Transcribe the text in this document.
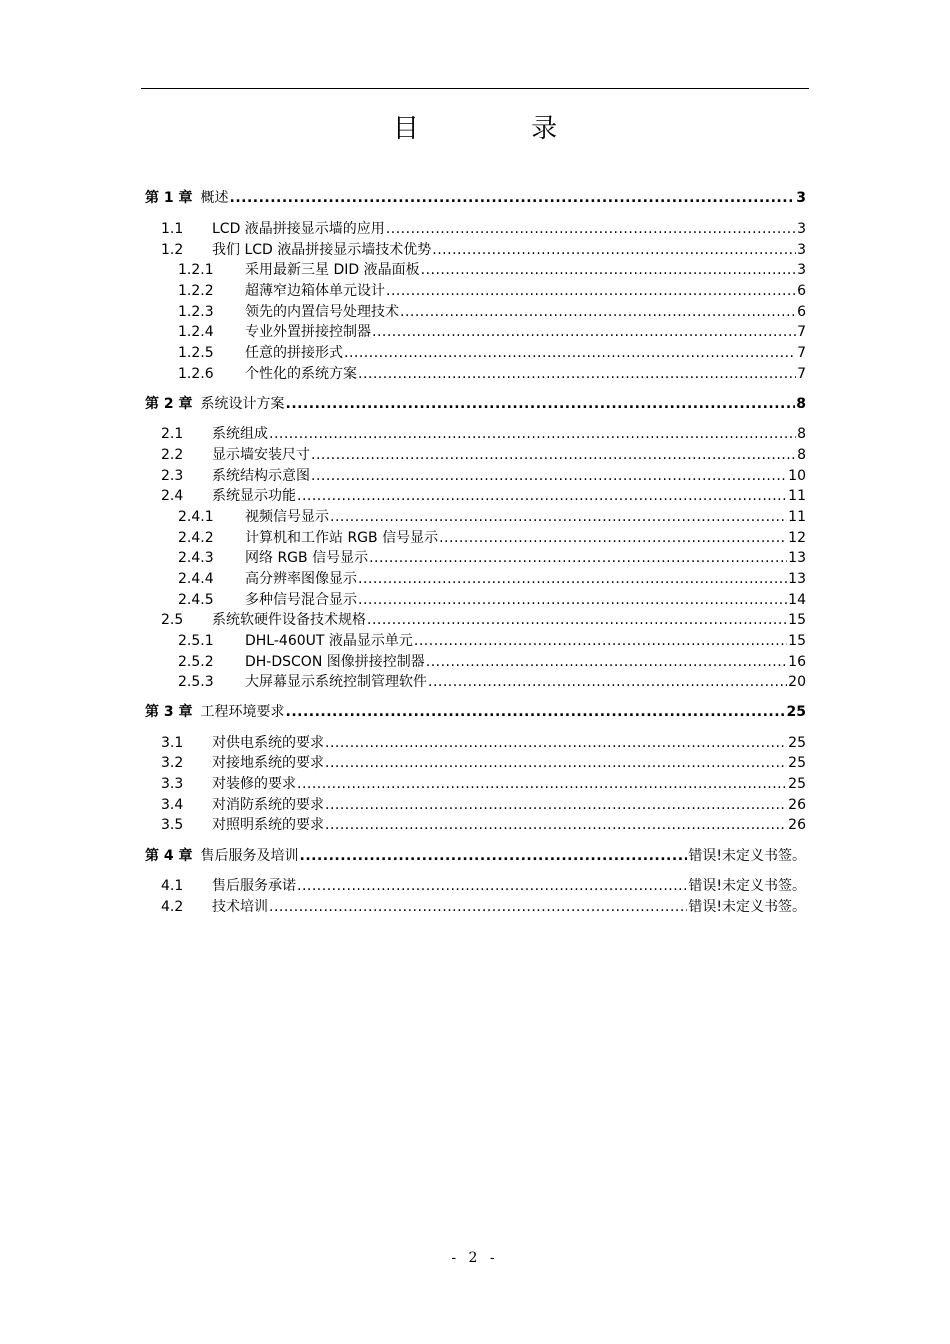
目 录
第 1 章 概述 .....	3
1.1	LCD 液晶拼接显示墙的应用 .....	3
1.2	我们 LCD 液晶拼接显示墙技术优势 .....	3
1.2.1	采用最新三星 DID 液晶面板 .....	3
1.2.2	超薄窄边箱体单元设计 .....	6
1.2.3	领先的内置信号处理技术 .....	6
1.2.4	专业外置拼接控制器 .....	7
1.2.5	任意的拼接形式 .....	7
1.2.6	个性化的系统方案 .....	7
第 2 章 系统设计方案 .....	8
2.1	系统组成 .....	8
2.2	显示墙安装尺寸 .....	8
2.3	系统结构示意图 .....	10
2.4	系统显示功能 .....	11
2.4.1	视频信号显示 .....	11
2.4.2	计算机和工作站 RGB 信号显示 .....	12
2.4.3	网络 RGB 信号显示 .....	13
2.4.4	高分辨率图像显示 .....	13
2.4.5	多种信号混合显示 .....	14
2.5	系统软硬件设备技术规格 .....	15
2.5.1	DHL-460UT 液晶显示单元 .....	15
2.5.2	DH-DSCON 图像拼接控制器 .....	16
2.5.3	大屏幕显示系统控制管理软件 .....	20
第 3 章 工程环境要求 .....	25
3.1	对供电系统的要求 .....	25
3.2	对接地系统的要求 .....	25
3.3	对装修的要求 .....	25
3.4	对消防系统的要求 .....	26
3.5	对照明系统的要求 .....	26
第 4 章 售后服务及培训 .....	错误!未定义书签。
4.1	售后服务承诺 .....	错误!未定义书签。
4.2	技术培训 .....	错误!未定义书签。
- 2 -
